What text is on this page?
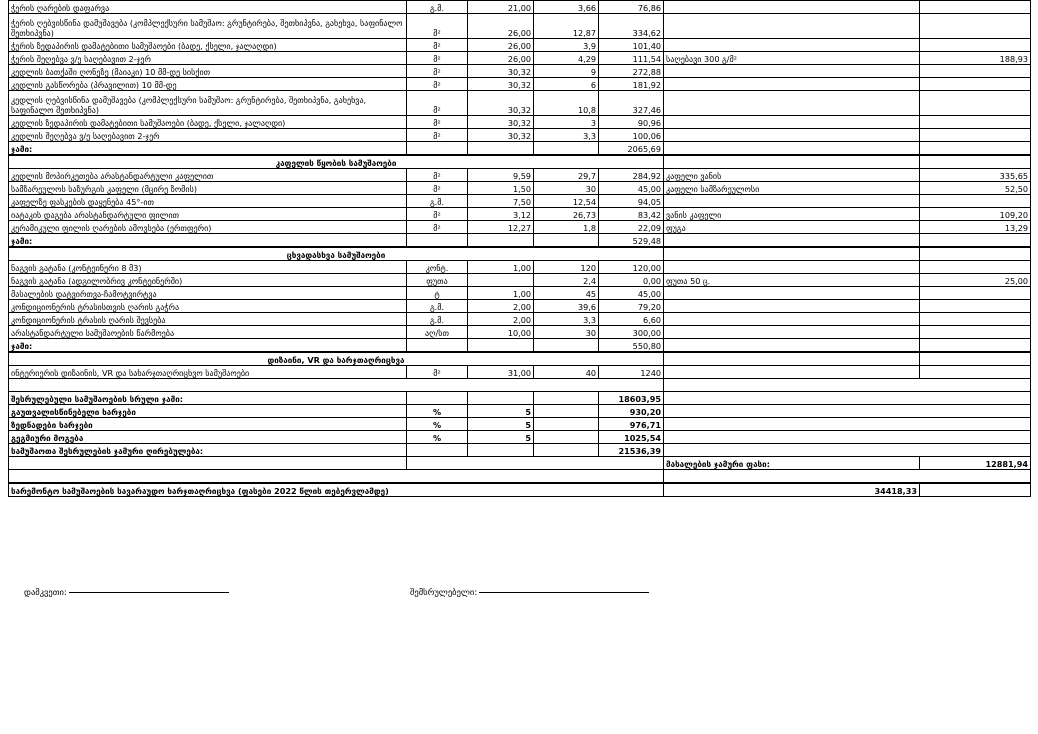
ჭერის ღარების დაფარვა	გ.მ.	21,00	3,66	76,86		
ჭერის ღებვისწინა დამუშავება (კომპლექსური სამუშაო: გრუნტირება, შეთხიპვნა, გახეხვა, საფინალო შეთხიპვნა)	მ²	26,00	12,87	334,62		
ჭერის ზედაპირის დამატებითი სამუშაოები (ბადე, ქსელი, ჯალაღდი)	მ²	26,00	3,9	101,40		
ჭერის შეღებვა ვ/ე საღებავით 2-ჯერ	მ²	26,00	4,29	111,54	საღებავი 300 გ/მ²	188,93
კედლის ბათქაში ღონეზე (მაიაკი) 10 მმ-დე სისქით	მ²	30,32	9	272,88		
კედლის გასწორება (პრავილით) 10 მმ-დე	მ²	30,32	6	181,92		
კედლის ღებვისწინა დამუშავება (კომპლექსური სამუშაო: გრუნტირება, შეთხიპვნა, გახეხვა, საფინალო შეთხიპვნა)	მ²	30,32	10,8	327,46		
კედლის ზედაპირის დამატებითი სამუშაოები (ბადე, ქსელი, ჯალაღდი)	მ²	30,32	3	90,96		
კედლის შეღებვა ვ/ე საღებავით 2-ჯერ	მ²	30,32	3,3	100,06		
ჯამი:				2065,69		
კაფელის წყობის სამუშაოები						
კედლის მოპირკეთება არასტანდარტული კაფელით	მ²	9,59	29,7	284,92	კაფელი ვანის	335,65
სამზარეულოს საზურგის კაფელი (მცირე ზომის)	მ²	1,50	30	45,00	კაფელი სამზარეულოსი	52,50
კაფელზე ფასკების დაყენება 45°-ით	გ.მ.	7,50	12,54	94,05		
იატაკის დაგება არასტანდარტული ფილით	მ²	3,12	26,73	83,42	ვანის კაფელი	109,20
კერამიკული ფილის ღარების ამოვსება (ერთფერი)	მ²	12,27	1,8	22,09	ფუგა	13,29
ჯამი:				529,48		
ცხვადასხვა სამუშაოები						
ნაგვის გატანა (კონტეინერი 8 მ3)	კონტ.	1,00	120	120,00		
ნაგვის გატანა (ადგილობრივ კონტეინერში)	ფუთა		2,4	0,00	ფუთა 50 ც.	25,00
მასალების დატვირთვა-ჩამოტვირტვა	ტ	1,00	45	45,00		
კონდიციონერის ტრასისთვის ღარის გაჭრა	გ.მ.	2,00	39,6	79,20		
კონდიციონერის ტრასის ღარის შევსება	გ.მ.	2,00	3,3	6,60		
არასტანდარტული სამუშაოების წარმოება	აღ/სთ	10,00	30	300,00		
ჯამი:				550,80		
დიზაინი, VR და ხარჯთაღრიცხვა						
ინტერიერის დიზაინის, VR და სახარჯთაღრიცხვო სამუშაოები	მ²	31,00	40	1240		

შესრულებული სამუშაოების სრული ჯამი:				18603,95		
გაუთვალისწინებელი ხარჯები	%	5		930,20		
ზედნადები ხარჯები	%	5		976,71		
გეგმიური მოგება	%	5		1025,54		
სამუშაოთა შესრულების ჯამური ღირებულება:				21536,39		
					მასალების ჯამური ფასი:	12881,94

სარემონტო სამუშაოების სავარაუდო ხარჯთაღრიცხვა (ფასები 2022 წლის თებერვლამდე)					34418,33	
დამკვეთი:	შემსრულებელი:
